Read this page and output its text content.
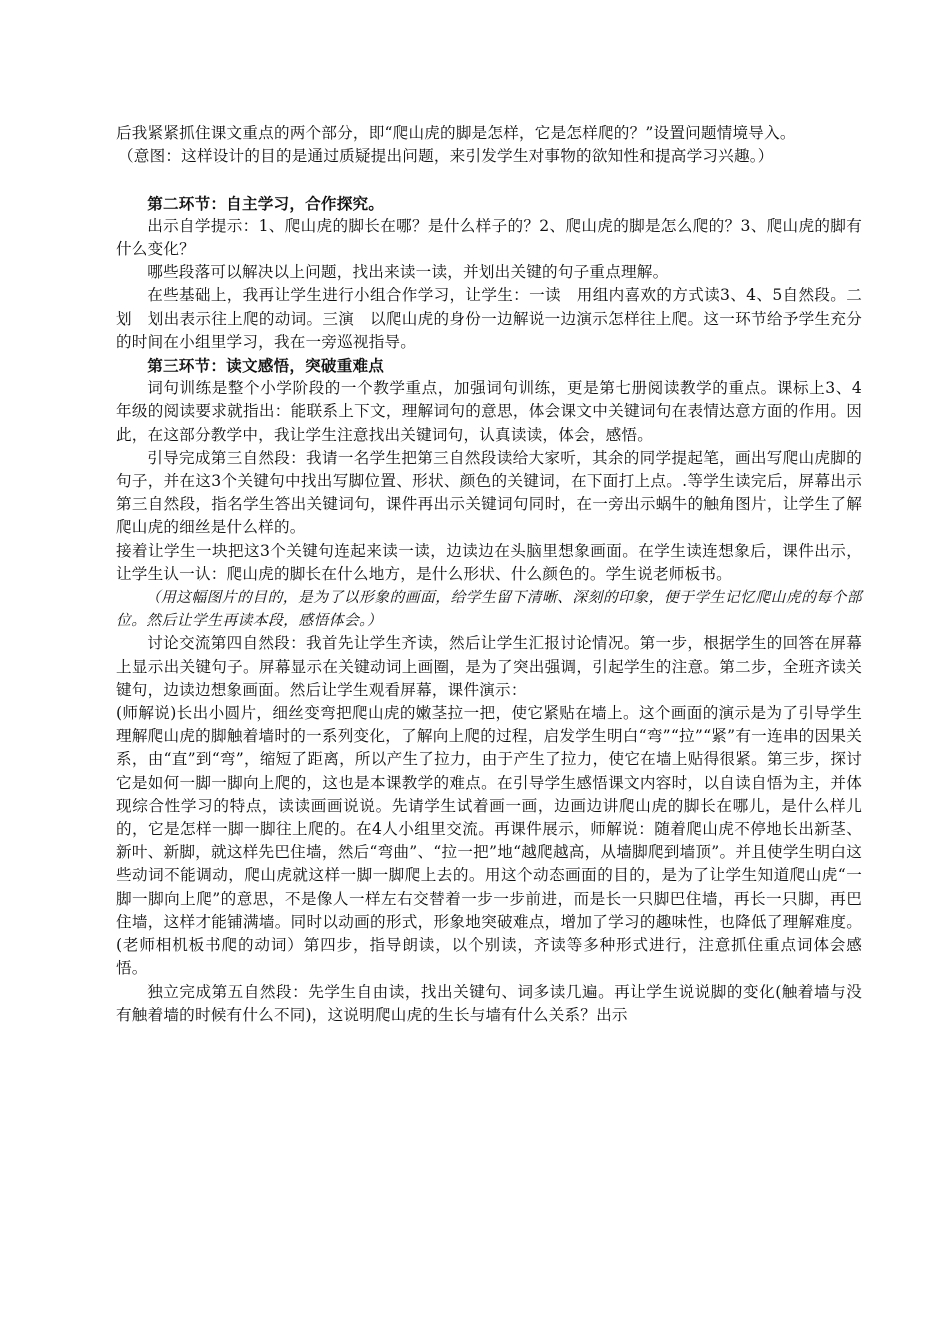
后我紧紧抓住课文重点的两个部分，即“爬山虎的脚是怎样，它是怎样爬的？”设置问题情境导入。

（意图：这样设计的目的是通过质疑提出问题，来引发学生对事物的欲知性和提高学习兴趣。）

第二环节：自主学习，合作探究。

出示自学提示：1、爬山虎的脚长在哪？是什么样子的？2、爬山虎的脚是怎么爬的？3、爬山虎的脚有什么变化？

哪些段落可以解决以上问题，找出来读一读，并划出关键的句子重点理解。

在些基础上，我再让学生进行小组合作学习，让学生：一读　用组内喜欢的方式读3、4、5自然段。二划　划出表示往上爬的动词。三演　以爬山虎的身份一边解说一边演示怎样往上爬。这一环节给予学生充分的时间在小组里学习，我在一旁巡视指导。

第三环节：读文感悟，突破重难点

词句训练是整个小学阶段的一个教学重点，加强词句训练，更是第七册阅读教学的重点。课标上3、4年级的阅读要求就指出：能联系上下文，理解词句的意思，体会课文中关键词句在表情达意方面的作用。因此，在这部分教学中，我让学生注意找出关键词句，认真读读，体会，感悟。

引导完成第三自然段：我请一名学生把第三自然段读给大家听，其余的同学提起笔，画出写爬山虎脚的句子，并在这3个关键句中找出写脚位置、形状、颜色的关键词，在下面打上点。.等学生读完后，屏幕出示第三自然段，指名学生答出关键词句，课件再出示关键词句同时，在一旁出示蜗牛的触角图片，让学生了解爬山虎的细丝是什么样的。

接着让学生一块把这3个关键句连起来读一读，边读边在头脑里想象画面。在学生读连想象后，课件出示，让学生认一认：爬山虎的脚长在什么地方，是什么形状、什么颜色的。学生说老师板书。

（用这幅图片的目的，是为了以形象的画面，给学生留下清晰、深刻的印象，便于学生记忆爬山虎的每个部位。然后让学生再读本段，感悟体会。）

讨论交流第四自然段：我首先让学生齐读，然后让学生汇报讨论情况。第一步，根据学生的回答在屏幕上显示出关键句子。屏幕显示在关键动词上画圈，是为了突出强调，引起学生的注意。第二步，全班齐读关键句，边读边想象画面。然后让学生观看屏幕，课件演示：

(师解说)长出小圆片，细丝变弯把爬山虎的嫩茎拉一把，使它紧贴在墙上。这个画面的演示是为了引导学生理解爬山虎的脚触着墙时的一系列变化，了解向上爬的过程，启发学生明白“弯”“拉”“紧”有一连串的因果关系，由“直”到“弯”，缩短了距离，所以产生了拉力，由于产生了拉力，使它在墙上贴得很紧。第三步，探讨它是如何一脚一脚向上爬的，这也是本课教学的难点。在引导学生感悟课文内容时，以自读自悟为主，并体现综合性学习的特点，读读画画说说。先请学生试着画一画，边画边讲爬山虎的脚长在哪儿，是什么样儿的，它是怎样一脚一脚往上爬的。在4人小组里交流。再课件展示，师解说：随着爬山虎不停地长出新茎、新叶、新脚，就这样先巴住墙，然后“弯曲”、“拉一把”地“越爬越高，从墙脚爬到墙顶”。并且使学生明白这些动词不能调动，爬山虎就这样一脚一脚爬上去的。用这个动态画面的目的，是为了让学生知道爬山虎“一脚一脚向上爬”的意思，不是像人一样左右交替着一步一步前进，而是长一只脚巴住墙，再长一只脚，再巴住墙，这样才能铺满墙。同时以动画的形式，形象地突破难点，增加了学习的趣味性，也降低了理解难度。(老师相机板书爬的动词）第四步，指导朗读，以个别读，齐读等多种形式进行，注意抓住重点词体会感悟。

独立完成第五自然段：先学生自由读，找出关键句、词多读几遍。再让学生说说脚的变化(触着墙与没有触着墙的时候有什么不同)，这说明爬山虎的生长与墙有什么关系？出示
